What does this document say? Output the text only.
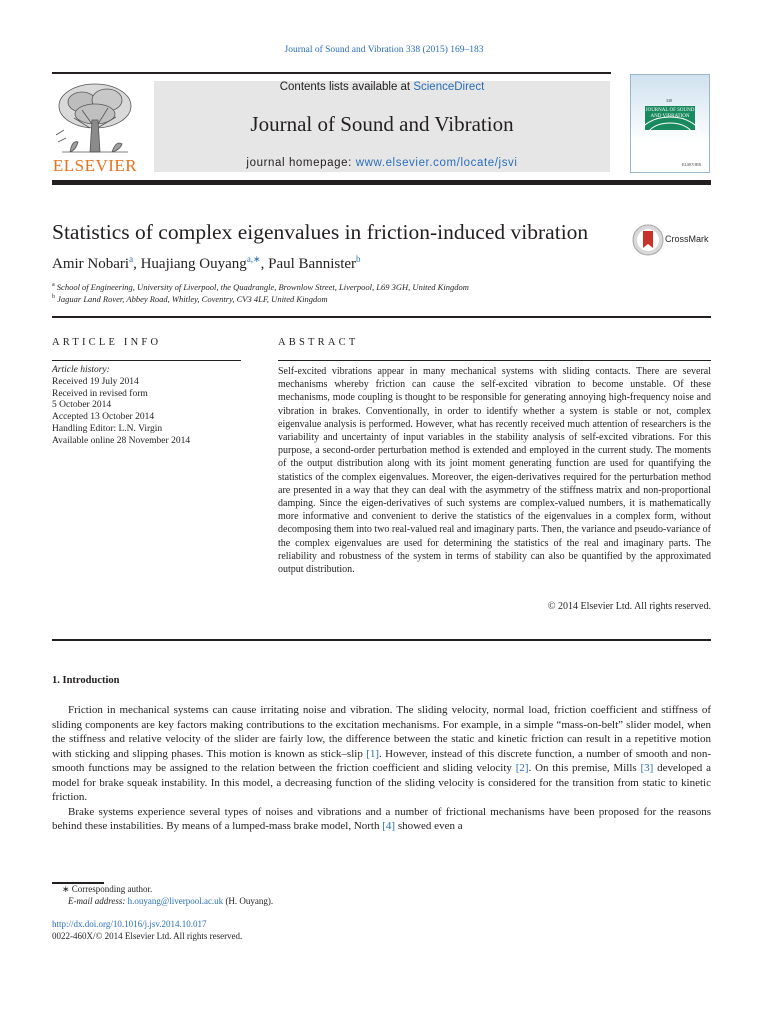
Journal of Sound and Vibration 338 (2015) 169–183
Contents lists available at ScienceDirect
Journal of Sound and Vibration
journal homepage: www.elsevier.com/locate/jsvi
ELSEVIER
338
JOURNAL OF SOUND AND VIBRATION
ELSEVIER
Statistics of complex eigenvalues in friction-induced vibration	CrossMark
Amir Nobari$^a$, Huajiang Ouyang$^{a,∗}$, Paul Bannister$^b$
$^a$ School of Engineering, University of Liverpool, the Quadrangle, Brownlow Street, Liverpool, L69 3GH, United Kingdom
$^b$ Jaguar Land Rover, Abbey Road, Whitley, Coventry, CV3 4LF, United Kingdom
ARTICLE INFO
Article history:
Received 19 July 2014
Received in revised form
5 October 2014
Accepted 13 October 2014
Handling Editor: L.N. Virgin
Available online 28 November 2014
ABSTRACT
Self-excited vibrations appear in many mechanical systems with sliding contacts. There are several mechanisms whereby friction can cause the self-excited vibration to become unstable. Of these mechanisms, mode coupling is thought to be responsible for generating annoying high-frequency noise and vibration in brakes. Conventionally, in order to identify whether a system is stable or not, complex eigenvalue analysis is performed. However, what has recently received much attention of researchers is the variability and uncertainty of input variables in the stability analysis of self-excited vibrations. For this purpose, a second-order perturbation method is extended and employed in the current study. The moments of the output distribution along with its joint moment generating function are used for quantifying the statistics of the complex eigenvalues. Moreover, the eigen-derivatives required for the perturbation method are presented in a way that they can deal with the asymmetry of the stiffness matrix and non-proportional damping. Since the eigen-derivatives of such systems are complex-valued numbers, it is mathematically more informative and convenient to derive the statistics of the eigenvalues in a complex form, without decomposing them into two real-valued real and imaginary parts. Then, the variance and pseudo-variance of the complex eigenvalues are used for determining the statistics of the real and imaginary parts. The reliability and robustness of the system in terms of stability can also be quantified by the approximated output distribution.
© 2014 Elsevier Ltd. All rights reserved.
1. Introduction

Friction in mechanical systems can cause irritating noise and vibration. The sliding velocity, normal load, friction coefficient and stiffness of sliding components are key factors making contributions to the excitation mechanisms. For example, in a simple “mass-on-belt” slider model, when the stiffness and relative velocity of the slider are fairly low, the difference between the static and kinetic friction can result in a repetitive motion with sticking and slipping phases. This motion is known as stick–slip [1]. However, instead of this discrete function, a number of smooth and non-smooth functions may be assigned to the relation between the friction coefficient and sliding velocity [2]. On this premise, Mills [3] developed a model for brake squeak instability. In this model, a decreasing function of the sliding velocity is considered for the transition from static to kinetic friction.

Brake systems experience several types of noises and vibrations and a number of frictional mechanisms have been proposed for the reasons behind these instabilities. By means of a lumped-mass brake model, North [4] showed even a

∗ Corresponding author.
E-mail address: h.ouyang@liverpool.ac.uk (H. Ouyang).
http://dx.doi.org/10.1016/j.jsv.2014.10.017
0022-460X/© 2014 Elsevier Ltd. All rights reserved.
